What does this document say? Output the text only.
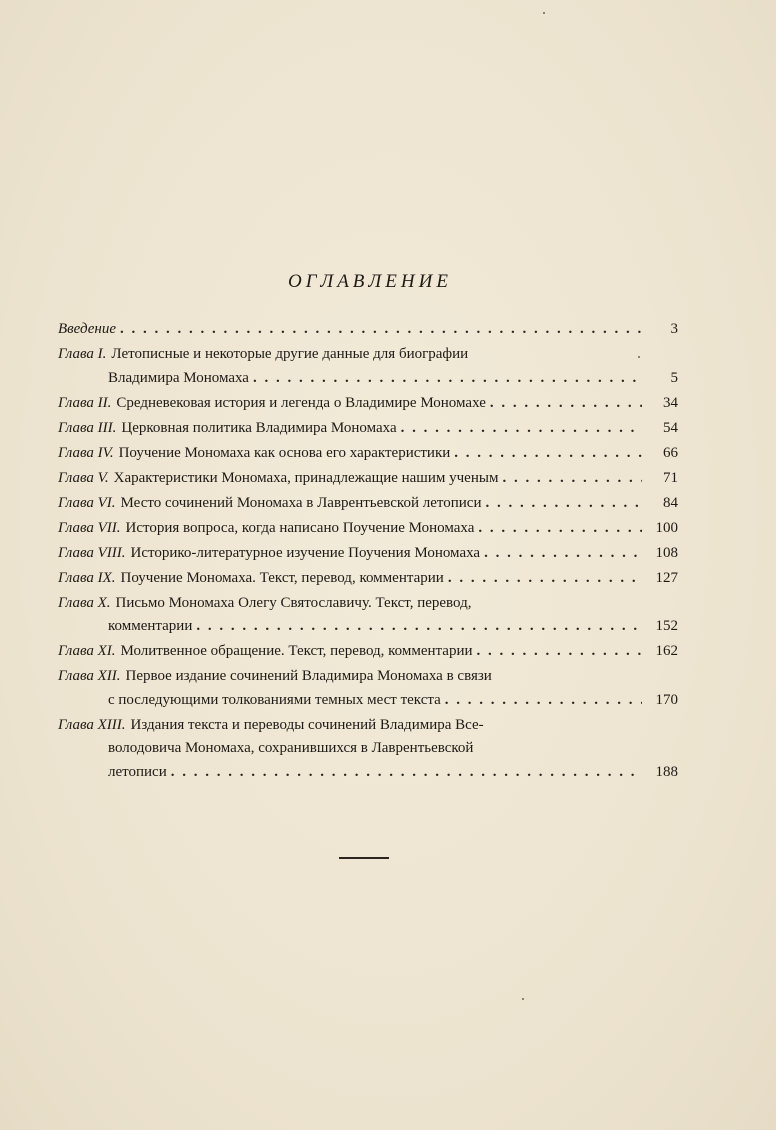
ОГЛАВЛЕНИЕ
Введение . . .	3
Глава I. Летописные и некоторые другие данные для биографии
Владимира Мономаха . . .	5
Глава II. Средневековая история и легенда о Владимире Мономахе . . .	34
Глава III. Церковная политика Владимира Мономаха . . .	54
Глава IV. Поучение Мономаха как основа его характеристики . . .	66
Глава V. Характеристики Мономаха, принадлежащие нашим ученым . . .	71
Глава VI. Место сочинений Мономаха в Лаврентьевской летописи . . .	84
Глава VII. История вопроса, когда написано Поучение Мономаха . . .	100
Глава VIII. Историко-литературное изучение Поучения Мономаха . . .	108
Глава IX. Поучение Мономаха. Текст, перевод, комментарии . . .	127
Глава X. Письмо Мономаха Олегу Святославичу. Текст, перевод,
комментарии . . .	152
Глава XI. Молитвенное обращение. Текст, перевод, комментарии . . .	162
Глава XII. Первое издание сочинений Владимира Мономаха в связи
с последующими толкованиями темных мест текста . . .	170
Глава XIII. Издания текста и переводы сочинений Владимира Все-
володовича Мономаха, сохранившихся в Лаврентьевской
летописи . . .	188
